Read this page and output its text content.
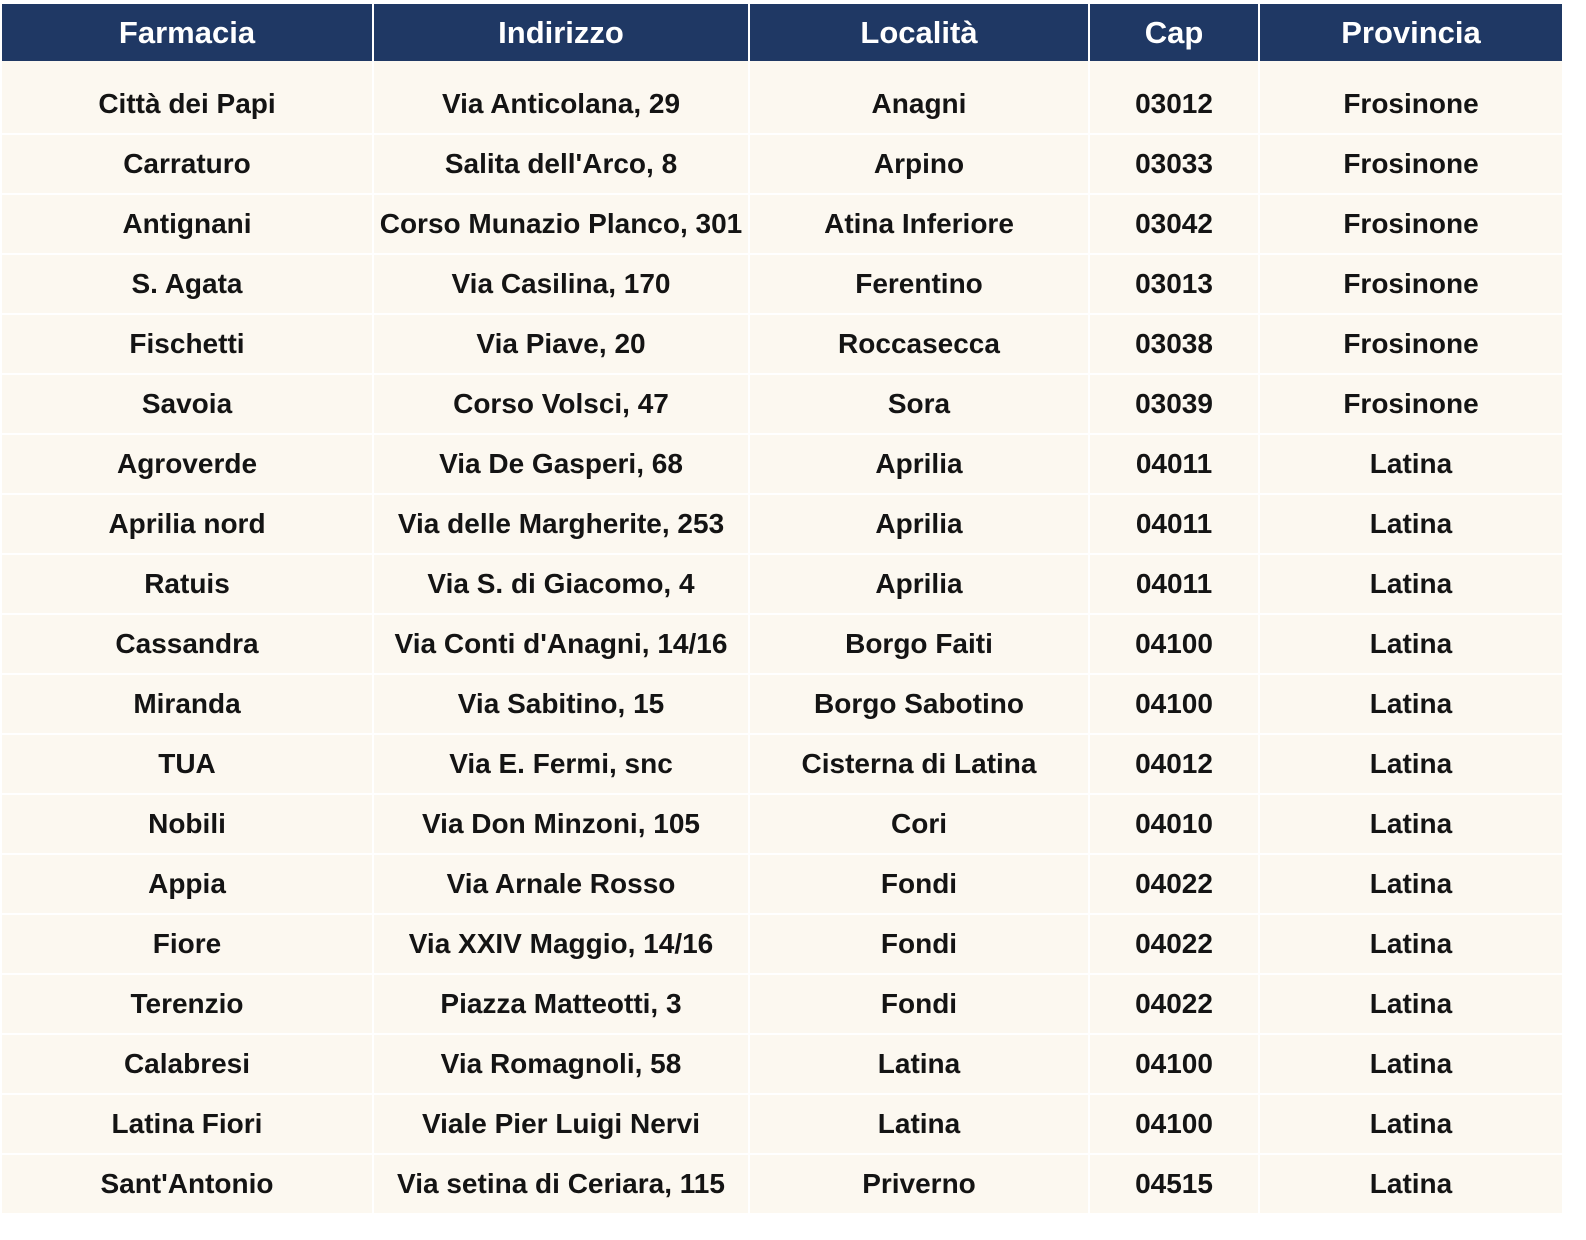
Farmacia	Indirizzo	Località	Cap	Provincia

Città dei Papi	Via Anticolana, 29	Anagni	03012	Frosinone
Carraturo	Salita dell'Arco, 8	Arpino	03033	Frosinone
Antignani	Corso Munazio Planco, 301	Atina Inferiore	03042	Frosinone
S. Agata	Via Casilina, 170	Ferentino	03013	Frosinone
Fischetti	Via Piave, 20	Roccasecca	03038	Frosinone
Savoia	Corso Volsci, 47	Sora	03039	Frosinone
Agroverde	Via De Gasperi, 68	Aprilia	04011	Latina
Aprilia nord	Via delle Margherite, 253	Aprilia	04011	Latina
Ratuis	Via S. di Giacomo, 4	Aprilia	04011	Latina
Cassandra	Via Conti d'Anagni, 14/16	Borgo Faiti	04100	Latina
Miranda	Via Sabitino, 15	Borgo Sabotino	04100	Latina
TUA	Via E. Fermi, snc	Cisterna di Latina	04012	Latina
Nobili	Via Don Minzoni, 105	Cori	04010	Latina
Appia	Via Arnale Rosso	Fondi	04022	Latina
Fiore	Via XXIV Maggio, 14/16	Fondi	04022	Latina
Terenzio	Piazza Matteotti, 3	Fondi	04022	Latina
Calabresi	Via Romagnoli, 58	Latina	04100	Latina
Latina Fiori	Viale Pier Luigi Nervi	Latina	04100	Latina
Sant'Antonio	Via setina di Ceriara, 115	Priverno	04515	Latina
